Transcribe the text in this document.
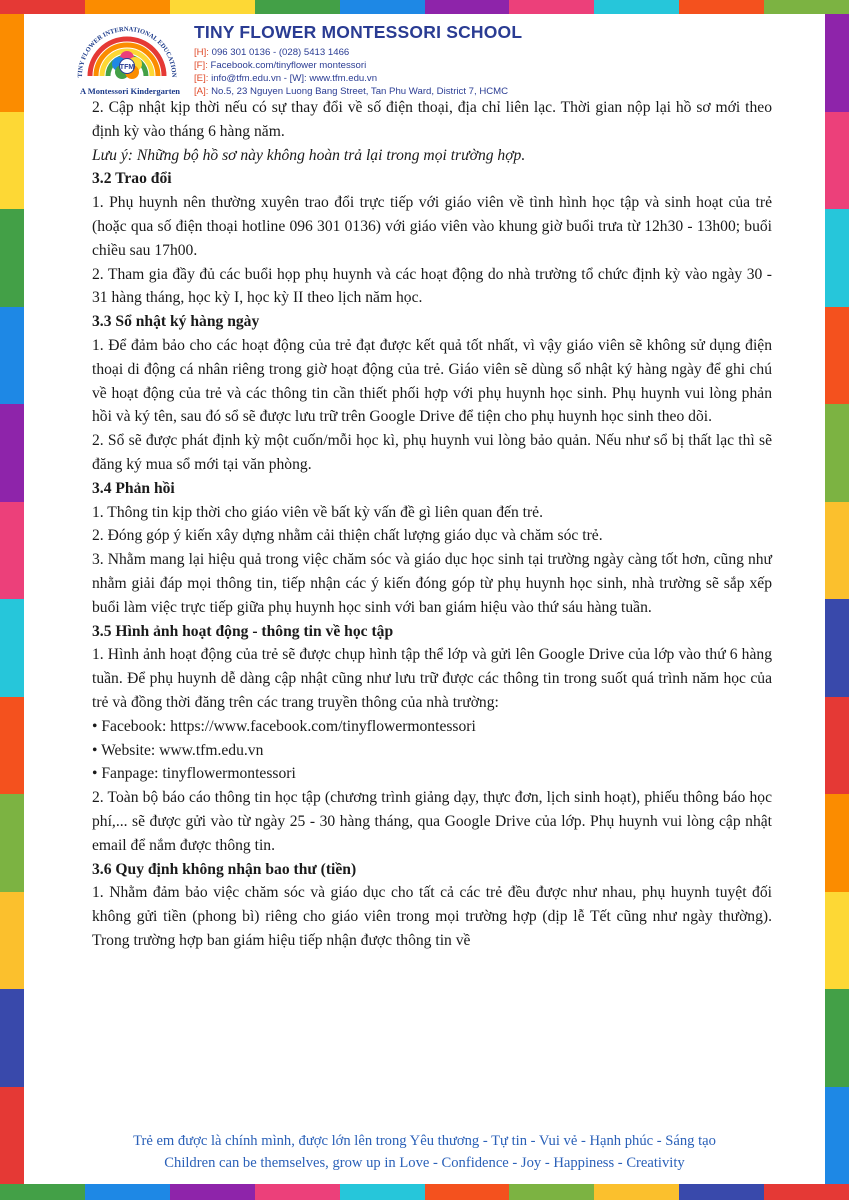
TFM
TINY FLOWER INTERNATIONAL EDUCATION
A Montessori Kindergarten
TINY FLOWER MONTESSORI SCHOOL
[H]: 096 301 0136 - (028) 5413 1466
[F]: Facebook.com/tinyflower montessori
[E]: info@tfm.edu.vn - [W]: www.tfm.edu.vn
[A]: No.5, 23 Nguyen Luong Bang Street, Tan Phu Ward, District 7, HCMC

2. Cập nhật kịp thời nếu có sự thay đổi về số điện thoại, địa chỉ liên lạc. Thời gian nộp lại hồ sơ mới theo định kỳ vào tháng 6 hàng năm.

Lưu ý: Những bộ hồ sơ này không hoàn trả lại trong mọi trường hợp.

3.2 Trao đổi

1. Phụ huynh nên thường xuyên trao đổi trực tiếp với giáo viên về tình hình học tập và sinh hoạt của trẻ (hoặc qua số điện thoại hotline 096 301 0136) với giáo viên vào khung giờ buổi trưa từ 12h30 - 13h00; buổi chiều sau 17h00.

2. Tham gia đầy đủ các buổi họp phụ huynh và các hoạt động do nhà trường tổ chức định kỳ vào ngày 30 - 31 hàng tháng, học kỳ I, học kỳ II theo lịch năm học.

3.3 Sổ nhật ký hàng ngày

1. Để đảm bảo cho các hoạt động của trẻ đạt được kết quả tốt nhất, vì vậy giáo viên sẽ không sử dụng điện thoại di động cá nhân riêng trong giờ hoạt động của trẻ. Giáo viên sẽ dùng sổ nhật ký hàng ngày để ghi chú về hoạt động của trẻ và các thông tin cần thiết phối hợp với phụ huynh học sinh. Phụ huynh vui lòng phản hồi và ký tên, sau đó sổ sẽ được lưu trữ trên Google Drive để tiện cho phụ huynh học sinh theo dõi.

2. Sổ sẽ được phát định kỳ một cuốn/mỗi học kì, phụ huynh vui lòng bảo quản. Nếu như sổ bị thất lạc thì sẽ đăng ký mua sổ mới tại văn phòng.

3.4 Phản hồi

1. Thông tin kịp thời cho giáo viên về bất kỳ vấn đề gì liên quan đến trẻ.

2. Đóng góp ý kiến xây dựng nhằm cải thiện chất lượng giáo dục và chăm sóc trẻ.

3. Nhằm mang lại hiệu quả trong việc chăm sóc và giáo dục học sinh tại trường ngày càng tốt hơn, cũng như nhằm giải đáp mọi thông tin, tiếp nhận các ý kiến đóng góp từ phụ huynh học sinh, nhà trường sẽ sắp xếp buổi làm việc trực tiếp giữa phụ huynh học sinh với ban giám hiệu vào thứ sáu hàng tuần.

3.5 Hình ảnh hoạt động - thông tin về học tập

1. Hình ảnh hoạt động của trẻ sẽ được chụp hình tập thể lớp và gửi lên Google Drive của lớp vào thứ 6 hàng tuần. Để phụ huynh dễ dàng cập nhật cũng như lưu trữ được các thông tin trong suốt quá trình năm học của trẻ và đồng thời đăng trên các trang truyền thông của nhà trường:

• Facebook: https://www.facebook.com/tinyflowermontessori

• Website: www.tfm.edu.vn

• Fanpage: tinyflowermontessori

2. Toàn bộ báo cáo thông tin học tập (chương trình giảng dạy, thực đơn, lịch sinh hoạt), phiếu thông báo học phí,... sẽ được gửi vào từ ngày 25 - 30 hàng tháng, qua Google Drive của lớp. Phụ huynh vui lòng cập nhật email để nắm được thông tin.

3.6 Quy định không nhận bao thư (tiền)

1. Nhằm đảm bảo việc chăm sóc và giáo dục cho tất cả các trẻ đều được như nhau, phụ huynh tuyệt đối không gửi tiền (phong bì) riêng cho giáo viên trong mọi trường hợp (dịp lễ Tết cũng như ngày thường). Trong trường hợp ban giám hiệu tiếp nhận được thông tin về

Trẻ em được là chính mình, được lớn lên trong Yêu thương - Tự tin - Vui vẻ - Hạnh phúc - Sáng tạo
Children can be themselves, grow up in Love - Confidence - Joy - Happiness - Creativity
